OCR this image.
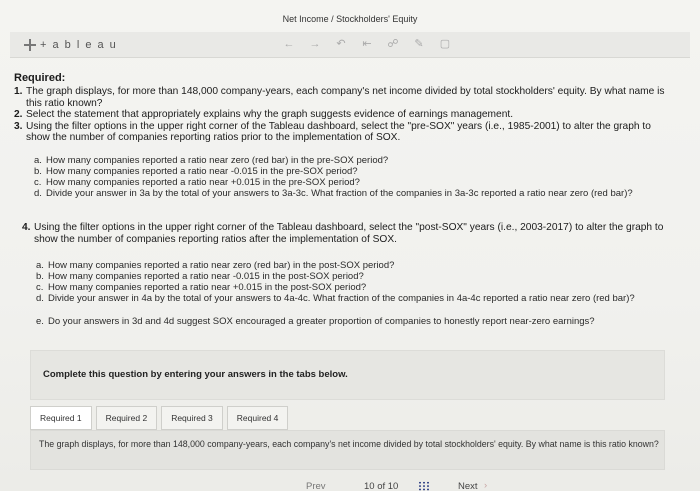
Net Income / Stockholders' Equity
+ a b l e a u	← → ↶ ⇤ ☍ ✎ ▢
Required:
1. The graph displays, for more than 148,000 company-years, each company's net income divided by total stockholders' equity. By what name is this ratio known?
2. Select the statement that appropriately explains why the graph suggests evidence of earnings management.
3. Using the filter options in the upper right corner of the Tableau dashboard, select the "pre-SOX" years (i.e., 1985-2001) to alter the graph to show the number of companies reporting ratios prior to the implementation of SOX.
a. How many companies reported a ratio near zero (red bar) in the pre-SOX period?
b. How many companies reported a ratio near -0.015 in the pre-SOX period?
c. How many companies reported a ratio near +0.015 in the pre-SOX period?
d. Divide your answer in 3a by the total of your answers to 3a-3c. What fraction of the companies in 3a-3c reported a ratio near zero (red bar)?
4. Using the filter options in the upper right corner of the Tableau dashboard, select the "post-SOX" years (i.e., 2003-2017) to alter the graph to show the number of companies reporting ratios after the implementation of SOX.
a. How many companies reported a ratio near zero (red bar) in the post-SOX period?
b. How many companies reported a ratio near -0.015 in the post-SOX period?
c. How many companies reported a ratio near +0.015 in the post-SOX period?
d. Divide your answer in 4a by the total of your answers to 4a-4c. What fraction of the companies in 4a-4c reported a ratio near zero (red bar)?
e. Do your answers in 3d and 4d suggest SOX encouraged a greater proportion of companies to honestly report near-zero earnings?
Complete this question by entering your answers in the tabs below.
Required 1	Required 2	Required 3	Required 4
The graph displays, for more than 148,000 company-years, each company's net income divided by total stockholders' equity. By what name is this ratio known?
Prev	10 of 10	Next ›
